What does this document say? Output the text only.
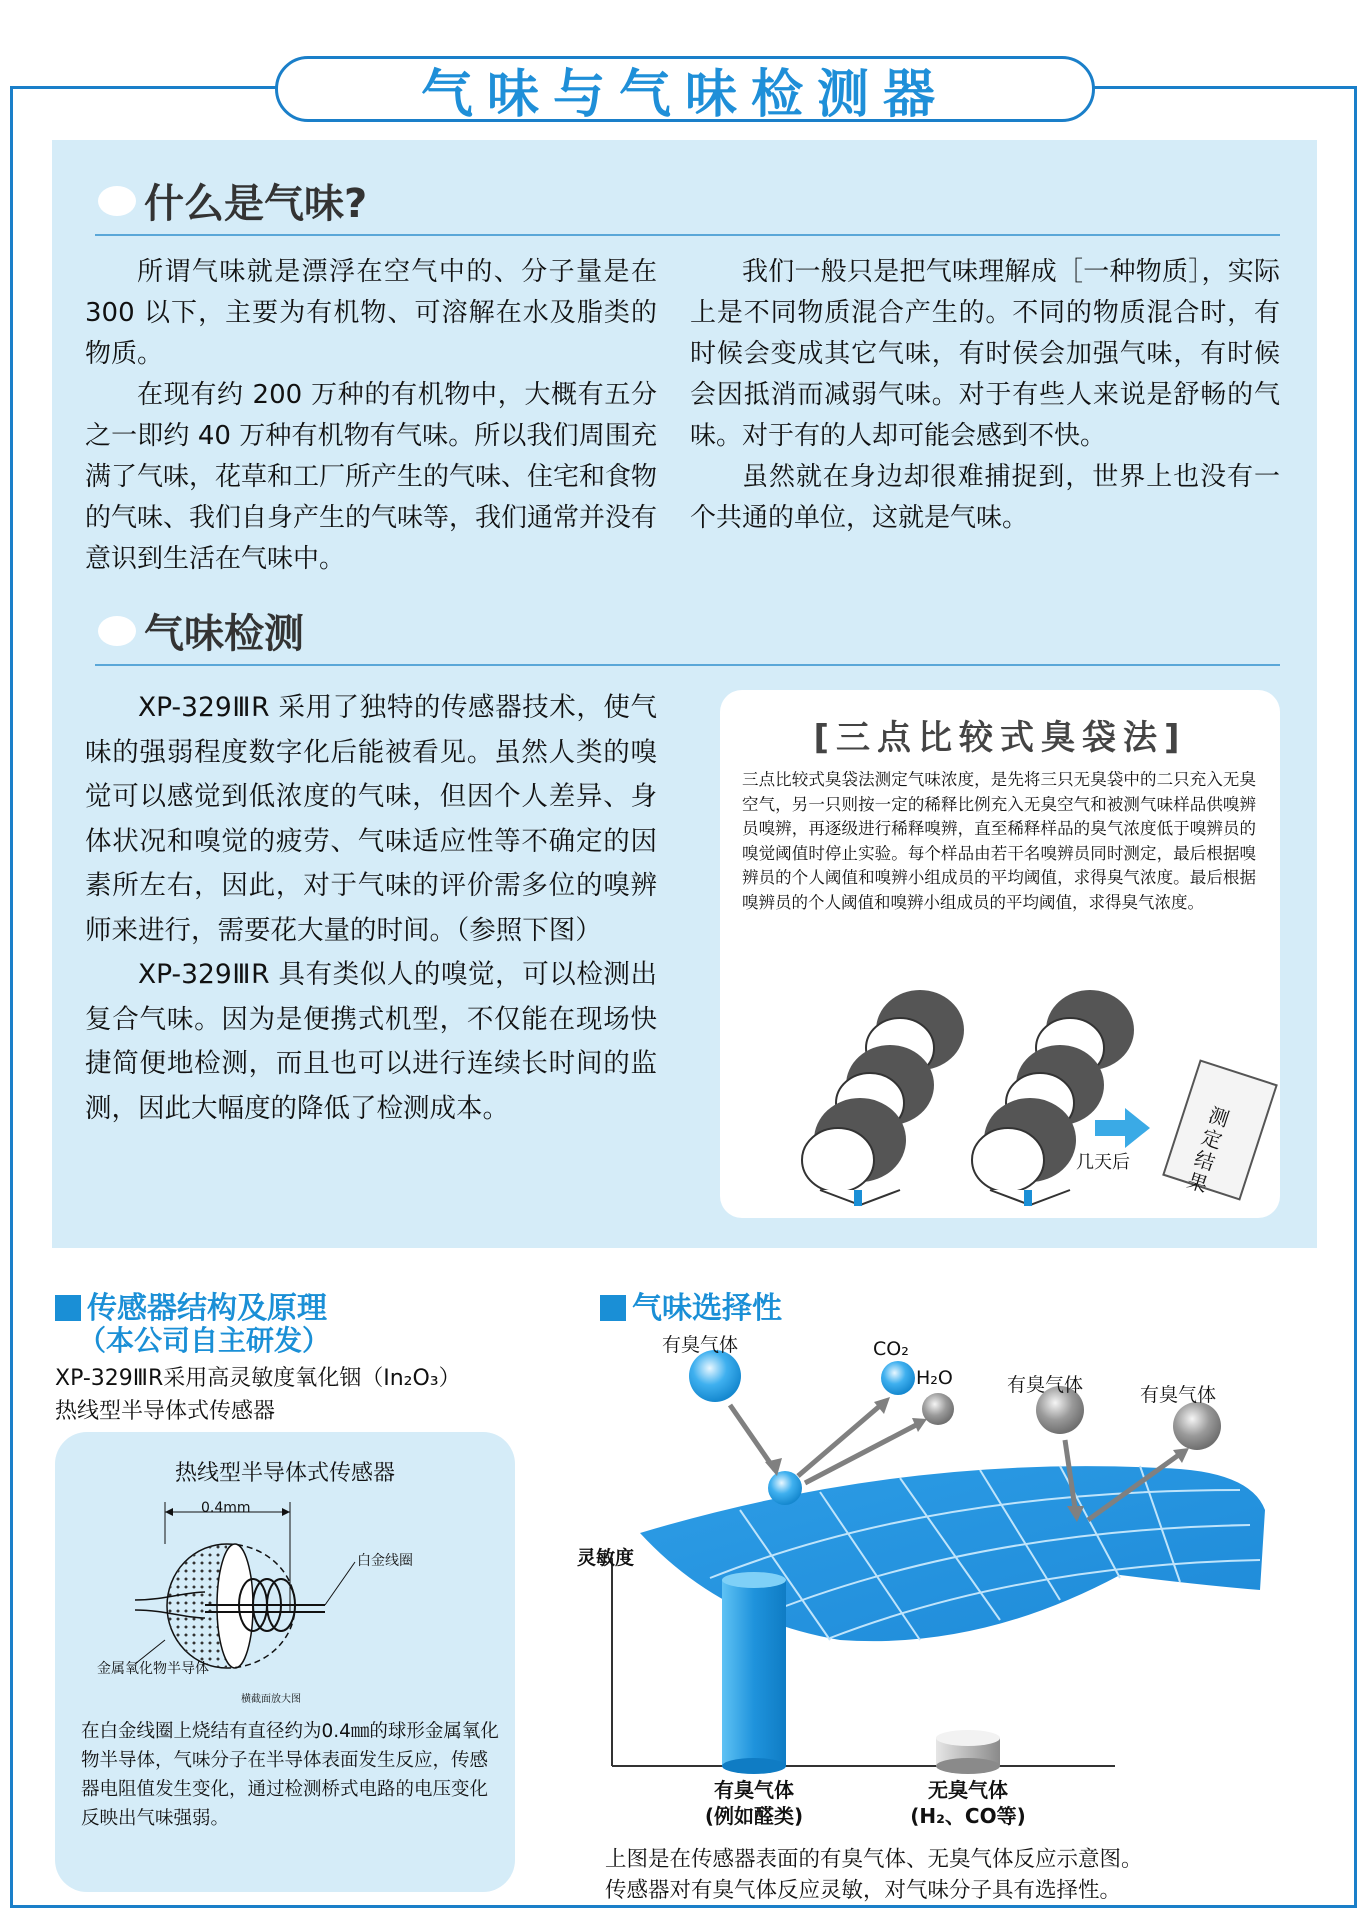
气味与气味检测器
什么是气味?

所谓气味就是漂浮在空气中的、分子量是在 300 以下，主要为有机物、可溶解在水及脂类的物质。

在现有约 200 万种的有机物中，大概有五分之一即约 40 万种有机物有气味。所以我们周围充满了气味，花草和工厂所产生的气味、住宅和食物的气味、我们自身产生的气味等，我们通常并没有意识到生活在气味中。

我们一般只是把气味理解成［一种物质］，实际上是不同物质混合产生的。不同的物质混合时，有时候会变成其它气味，有时侯会加强气味，有时候会因抵消而减弱气味。对于有些人来说是舒畅的气味。对于有的人却可能会感到不快。

虽然就在身边却很难捕捉到，世界上也没有一个共通的单位，这就是气味。

气味检测

XP-329ⅢR 采用了独特的传感器技术，使气味的强弱程度数字化后能被看见。虽然人类的嗅觉可以感觉到低浓度的气味，但因个人差异、身体状况和嗅觉的疲劳、气味适应性等不确定的因素所左右，因此，对于气味的评价需多位的嗅辨师来进行，需要花大量的时间。（参照下图）

XP-329ⅢR 具有类似人的嗅觉，可以检测出复合气味。因为是便携式机型，不仅能在现场快捷简便地检测，而且也可以进行连续长时间的监测，因此大幅度的降低了检测成本。

[三点比较式臭袋法]

三点比较式臭袋法测定气味浓度，是先将三只无臭袋中的二只充入无臭空气，另一只则按一定的稀释比例充入无臭空气和被测气味样品供嗅辨员嗅辨，再逐级进行稀释嗅辨，直至稀释样品的臭气浓度低于嗅辨员的嗅觉阈值时停止实验。每个样品由若干名嗅辨员同时测定，最后根据嗅辨员的个人阈值和嗅辨小组成员的平均阈值，求得臭气浓度。最后根据嗅辨员的个人阈值和嗅辨小组成员的平均阈值，求得臭气浓度。

几天后
测定结果
传感器结构及原理
（本公司自主研发）
XP-329ⅢR采用高灵敏度氧化铟（In₂O₃）
热线型半导体式传感器
热线型半导体式传感器
0.4mm
白金线圈
金属氧化物半导体
横截面放大图

在白金线圈上烧结有直径约为0.4㎜的球形金属氧化物半导体，气味分子在半导体表面发生反应，传感器电阻值发生变化，通过检测桥式电路的电压变化反映出气味强弱。

气味选择性
有臭气体	CO₂
H₂O	有臭气体	有臭气体
灵敏度
有臭气体
(例如醛类)
无臭气体
(H₂、CO等)
上图是在传感器表面的有臭气体、无臭气体反应示意图。
传感器对有臭气体反应灵敏，对气味分子具有选择性。
